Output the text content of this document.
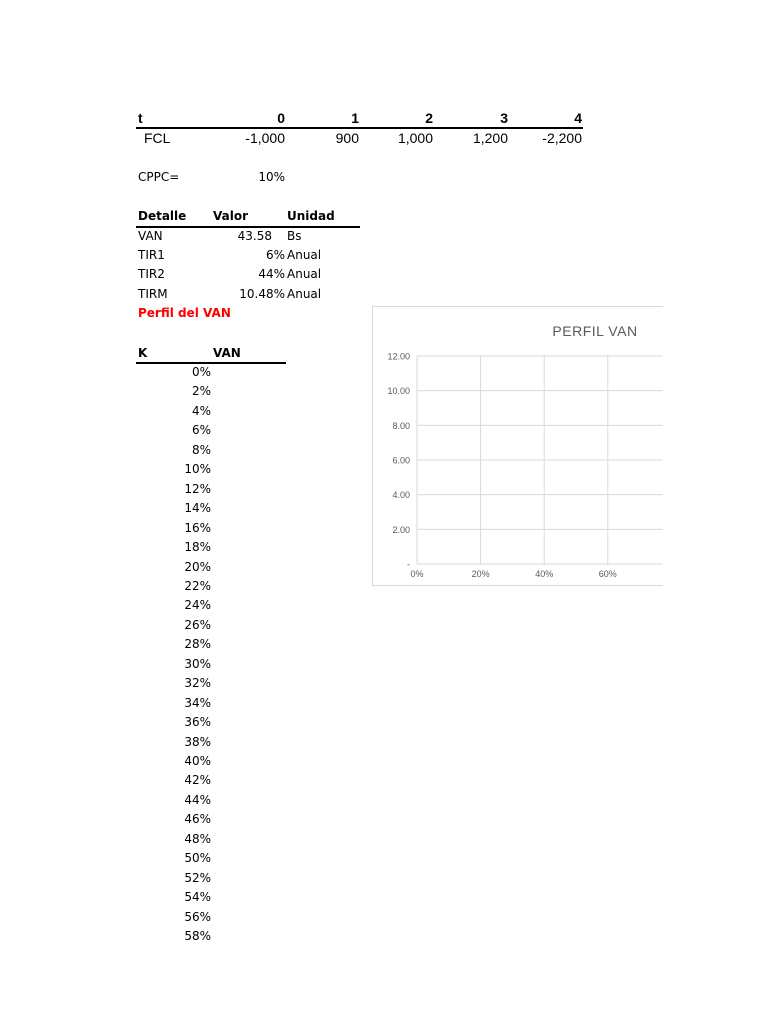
t	0	1	2	3	4
FCL	-1,000	900	1,000	1,200	-2,200
CPPC=	10%
Detalle Valor	Unidad
VAN	43.58 Bs
TIR1	6% Anual
TIR2	44% Anual
TIRM	10.48% Anual
Perfil del VAN
K	VAN
0%
2%
4%
6%
8%
10%
12%
14%
16%
18%
20%
22%
24%
26%
28%
30%
32%
34%
36%
38%
40%
42%
44%
46%
48%
50%
52%
54%
56%
58%
PERFIL VAN
-
2.00
4.00
6.00
8.00
10.00
12.00
0%	20%	40%	60%
